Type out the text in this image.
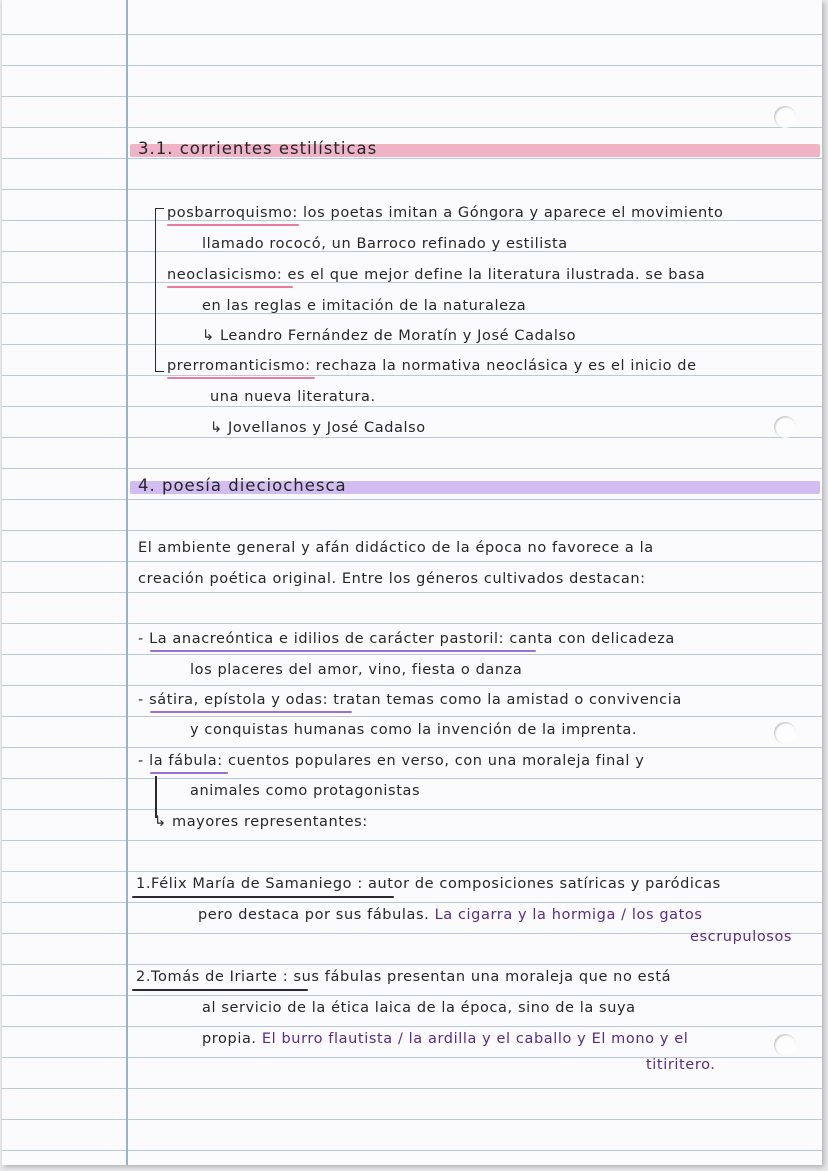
3.1. corrientes estilísticas
posbarroquismo: los poetas imitan a Góngora y aparece el movimiento
llamado rococó, un Barroco refinado y estilista
neoclasicismo: es el que mejor define la literatura ilustrada. se basa
en las reglas e imitación de la naturaleza
↳ Leandro Fernández de Moratín y José Cadalso
prerromanticismo: rechaza la normativa neoclásica y es el inicio de
una nueva literatura.
↳ Jovellanos y José Cadalso
4. poesía dieciochesca
El ambiente general y afán didáctico de la época no favorece a la
creación poética original. Entre los géneros cultivados destacan:
- La anacreóntica e idilios de carácter pastoril: canta con delicadeza
los placeres del amor, vino, fiesta o danza
- sátira, epístola y odas: tratan temas como la amistad o convivencia
y conquistas humanas como la invención de la imprenta.
- la fábula: cuentos populares en verso, con una moraleja final y
animales como protagonistas
↳ mayores representantes:
1.Félix María de Samaniego : autor de composiciones satíricas y paródicas
pero destaca por sus fábulas. La cigarra y la hormiga / los gatos
escrupulosos
2.Tomás de Iriarte : sus fábulas presentan una moraleja que no está
al servicio de la ética laica de la época, sino de la suya
propia. El burro flautista / la ardilla y el caballo y El mono y el
titiritero.
